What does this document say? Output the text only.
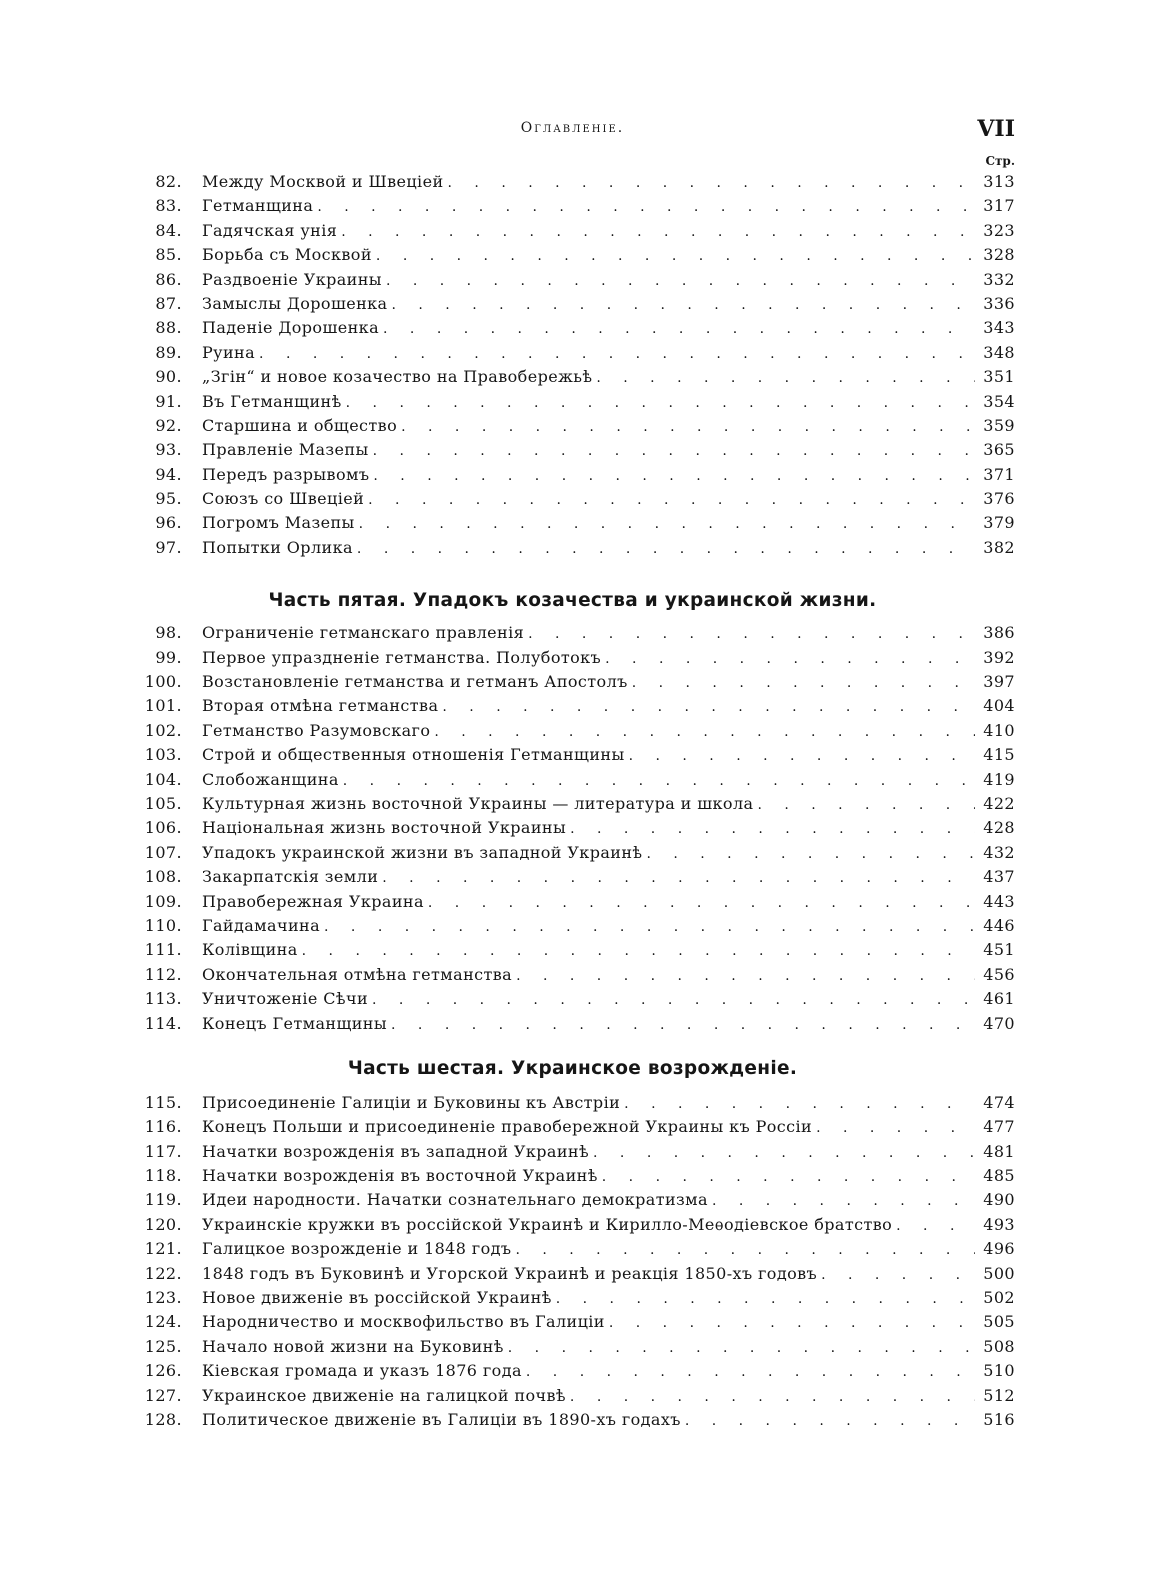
Оглавленіе.	VII
Стр.
82.	Между Москвой и Швеціей . . .	313
83.	Гетманщина . . .	317
84.	Гадячская унія . . .	323
85.	Борьба съ Москвой . . .	328
86.	Раздвоеніе Украины . . .	332
87.	Замыслы Дорошенка . . .	336
88.	Паденіе Дорошенка . . .	343
89.	Руина . . .	348
90.	„Згін“ и новое козачество на Правобережьѣ . . .	351
91.	Въ Гетманщинѣ . . .	354
92.	Старшина и общество . . .	359
93.	Правленіе Мазепы . . .	365
94.	Передъ разрывомъ . . .	371
95.	Союзъ со Швеціей . . .	376
96.	Погромъ Мазепы . . .	379
97.	Попытки Орлика . . .	382
Часть пятая. Упадокъ козачества и украинской жизни.
98.	Ограниченіе гетманскаго правленія . . .	386
99.	Первое упраздненіе гетманства. Полуботокъ . . .	392
100.	Возстановленіе гетманства и гетманъ Апостолъ . . .	397
101.	Вторая отмѣна гетманства . . .	404
102.	Гетманство Разумовскаго . . .	410
103.	Строй и общественныя отношенія Гетманщины . . .	415
104.	Слобожанщина . . .	419
105.	Культурная жизнь восточной Украины — литература и школа . . .	422
106.	Національная жизнь восточной Украины . . .	428
107.	Упадокъ украинской жизни въ западной Украинѣ . . .	432
108.	Закарпатскія земли . . .	437
109.	Правобережная Украина . . .	443
110.	Гайдамачина . . .	446
111.	Колівщина . . .	451
112.	Окончательная отмѣна гетманства . . .	456
113.	Уничтоженіе Сѣчи . . .	461
114.	Конецъ Гетманщины . . .	470
Часть шестая. Украинское возрожденіе.
115.	Присоединеніе Галиціи и Буковины къ Австріи . . .	474
116.	Конецъ Польши и присоединеніе правобережной Украины къ Россіи . . .	477
117.	Начатки возрожденія въ западной Украинѣ . . .	481
118.	Начатки возрожденія въ восточной Украинѣ . . .	485
119.	Идеи народности. Начатки сознательнаго демократизма . . .	490
120.	Украинскіе кружки въ россійской Украинѣ и Кирилло-Меѳодіевское братство . . .	493
121.	Галицкое возрожденіе и 1848 годъ . . .	496
122.	1848 годъ въ Буковинѣ и Угорской Украинѣ и реакція 1850-хъ годовъ . . .	500
123.	Новое движеніе въ россійской Украинѣ . . .	502
124.	Народничество и москвофильство въ Галиціи . . .	505
125.	Начало новой жизни на Буковинѣ . . .	508
126.	Кіевская громада и указъ 1876 года . . .	510
127.	Украинское движеніе на галицкой почвѣ . . .	512
128.	Политическое движеніе въ Галиціи въ 1890-хъ годахъ . . .	516
